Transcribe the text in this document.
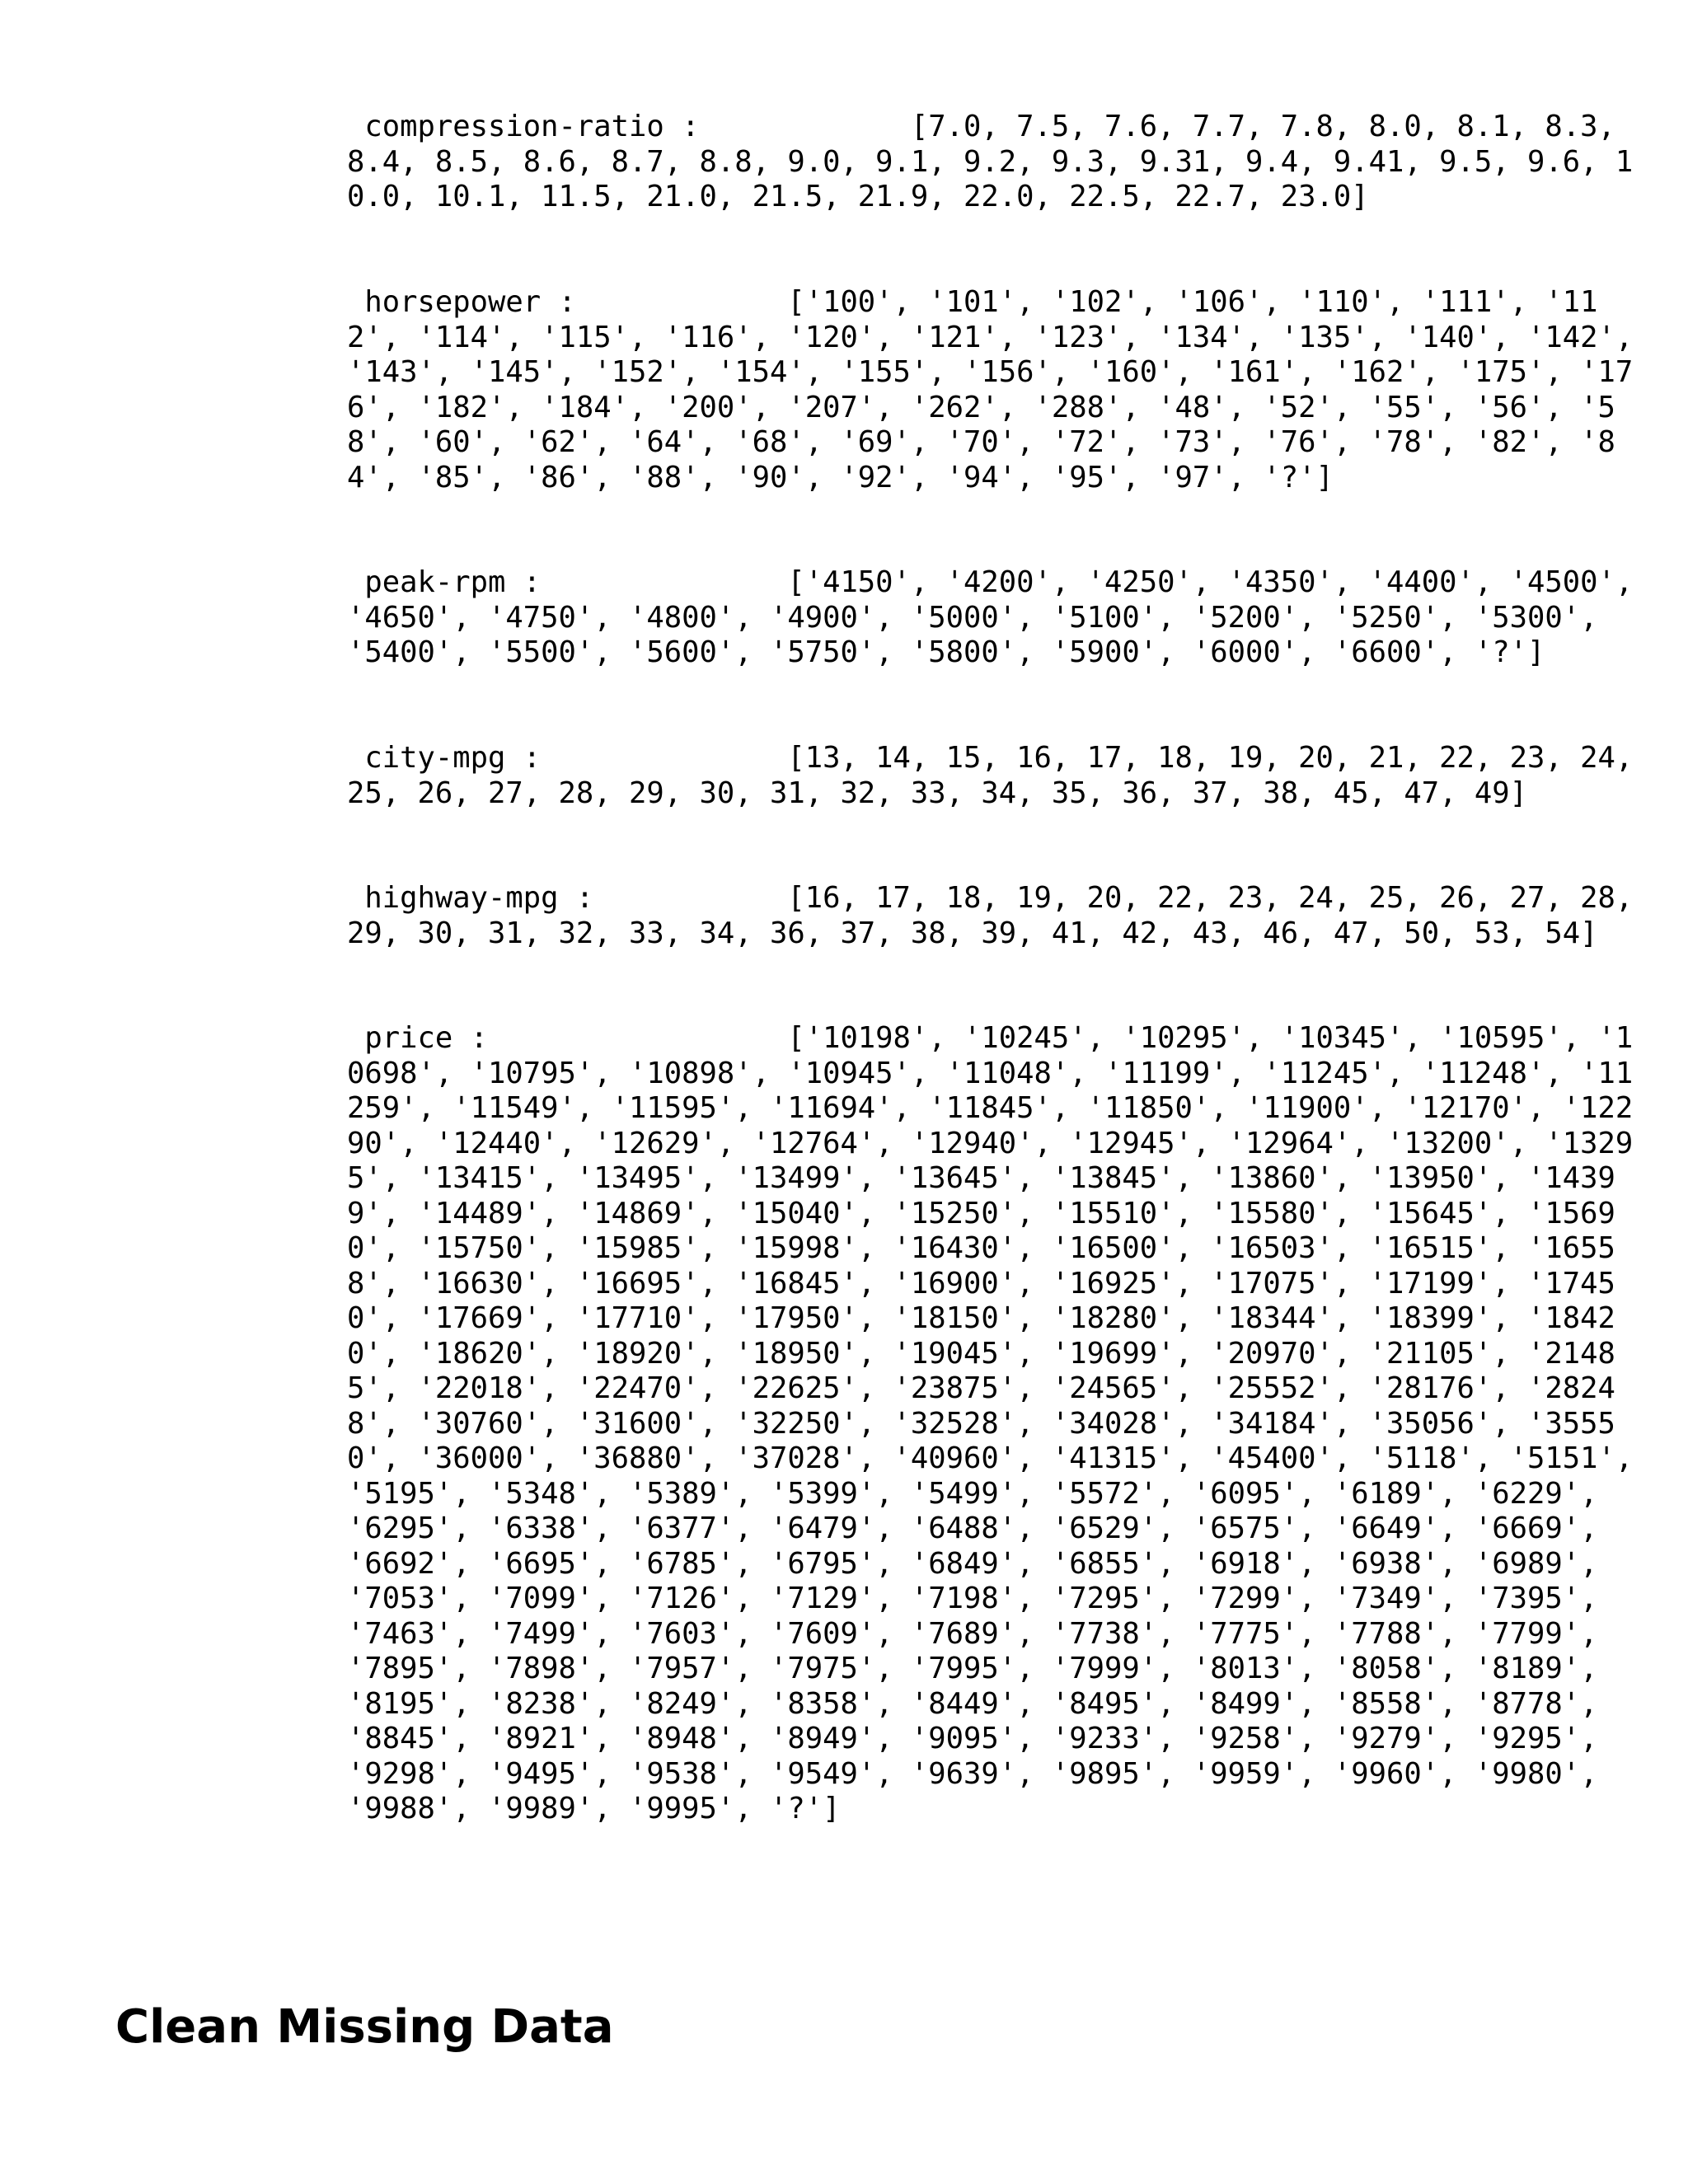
compression-ratio :            [7.0, 7.5, 7.6, 7.7, 7.8, 8.0, 8.1, 8.3,
8.4, 8.5, 8.6, 8.7, 8.8, 9.0, 9.1, 9.2, 9.3, 9.31, 9.4, 9.41, 9.5, 9.6, 1
0.0, 10.1, 11.5, 21.0, 21.5, 21.9, 22.0, 22.5, 22.7, 23.0]
horsepower :            ['100', '101', '102', '106', '110', '111', '11
2', '114', '115', '116', '120', '121', '123', '134', '135', '140', '142',
'143', '145', '152', '154', '155', '156', '160', '161', '162', '175', '17
6', '182', '184', '200', '207', '262', '288', '48', '52', '55', '56', '5
8', '60', '62', '64', '68', '69', '70', '72', '73', '76', '78', '82', '8
4', '85', '86', '88', '90', '92', '94', '95', '97', '?']
peak-rpm :              ['4150', '4200', '4250', '4350', '4400', '4500',
'4650', '4750', '4800', '4900', '5000', '5100', '5200', '5250', '5300',
'5400', '5500', '5600', '5750', '5800', '5900', '6000', '6600', '?']
city-mpg :              [13, 14, 15, 16, 17, 18, 19, 20, 21, 22, 23, 24,
25, 26, 27, 28, 29, 30, 31, 32, 33, 34, 35, 36, 37, 38, 45, 47, 49]
highway-mpg :           [16, 17, 18, 19, 20, 22, 23, 24, 25, 26, 27, 28,
29, 30, 31, 32, 33, 34, 36, 37, 38, 39, 41, 42, 43, 46, 47, 50, 53, 54]
price :                 ['10198', '10245', '10295', '10345', '10595', '1
0698', '10795', '10898', '10945', '11048', '11199', '11245', '11248', '11
259', '11549', '11595', '11694', '11845', '11850', '11900', '12170', '122
90', '12440', '12629', '12764', '12940', '12945', '12964', '13200', '1329
5', '13415', '13495', '13499', '13645', '13845', '13860', '13950', '1439
9', '14489', '14869', '15040', '15250', '15510', '15580', '15645', '1569
0', '15750', '15985', '15998', '16430', '16500', '16503', '16515', '1655
8', '16630', '16695', '16845', '16900', '16925', '17075', '17199', '1745
0', '17669', '17710', '17950', '18150', '18280', '18344', '18399', '1842
0', '18620', '18920', '18950', '19045', '19699', '20970', '21105', '2148
5', '22018', '22470', '22625', '23875', '24565', '25552', '28176', '2824
8', '30760', '31600', '32250', '32528', '34028', '34184', '35056', '3555
0', '36000', '36880', '37028', '40960', '41315', '45400', '5118', '5151',
'5195', '5348', '5389', '5399', '5499', '5572', '6095', '6189', '6229',
'6295', '6338', '6377', '6479', '6488', '6529', '6575', '6649', '6669',
'6692', '6695', '6785', '6795', '6849', '6855', '6918', '6938', '6989',
'7053', '7099', '7126', '7129', '7198', '7295', '7299', '7349', '7395',
'7463', '7499', '7603', '7609', '7689', '7738', '7775', '7788', '7799',
'7895', '7898', '7957', '7975', '7995', '7999', '8013', '8058', '8189',
'8195', '8238', '8249', '8358', '8449', '8495', '8499', '8558', '8778',
'8845', '8921', '8948', '8949', '9095', '9233', '9258', '9279', '9295',
'9298', '9495', '9538', '9549', '9639', '9895', '9959', '9960', '9980',
'9988', '9989', '9995', '?']
Clean Missing Data
